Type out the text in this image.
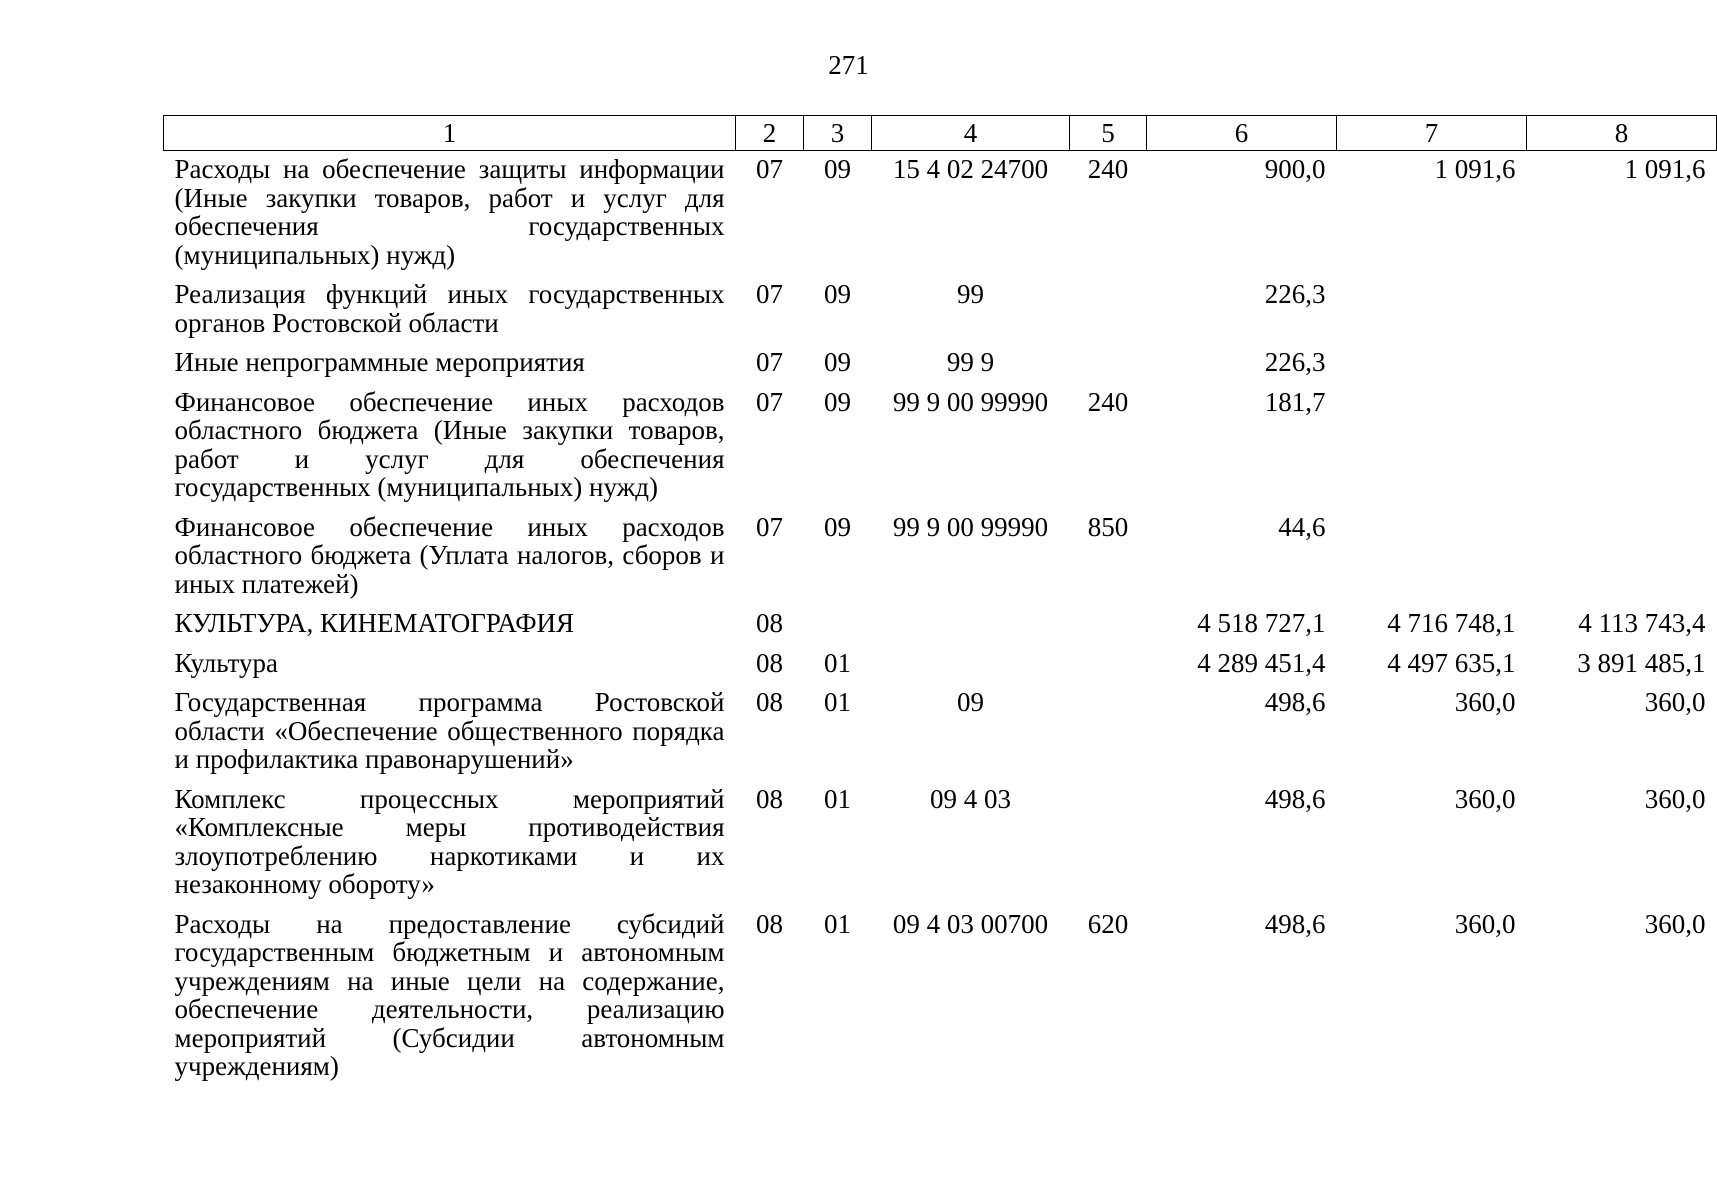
271
1	2	3	4	5	6	7	8
Расходы на обеспечение защиты информации (Иные закупки товаров, работ и услуг для обеспечения государственных (муниципальных) нужд)	07	09	15 4 02 24700	240	900,0	1 091,6	1 091,6
Реализация функций иных государственных органов Ростовской области	07	09	99		226,3		
Иные непрограммные мероприятия	07	09	99 9		226,3		
Финансовое обеспечение иных расходов областного бюджета (Иные закупки товаров, работ и услуг для обеспечения государственных (муниципальных) нужд)	07	09	99 9 00 99990	240	181,7		
Финансовое обеспечение иных расходов областного бюджета (Уплата налогов, сборов и иных платежей)	07	09	99 9 00 99990	850	44,6		
КУЛЬТУРА, КИНЕМАТОГРАФИЯ	08				4 518 727,1	4 716 748,1	4 113 743,4
Культура	08	01			4 289 451,4	4 497 635,1	3 891 485,1
Государственная программа Ростовской области «Обеспечение общественного порядка и профилактика правонарушений»	08	01	09		498,6	360,0	360,0
Комплекс процессных мероприятий «Комплексные меры противодействия злоупотреблению наркотиками и их незаконному обороту»	08	01	09 4 03		498,6	360,0	360,0
Расходы на предоставление субсидий государственным бюджетным и автономным учреждениям на иные цели на содержание, обеспечение деятельности, реализацию мероприятий (Субсидии автономным учреждениям)	08	01	09 4 03 00700	620	498,6	360,0	360,0
